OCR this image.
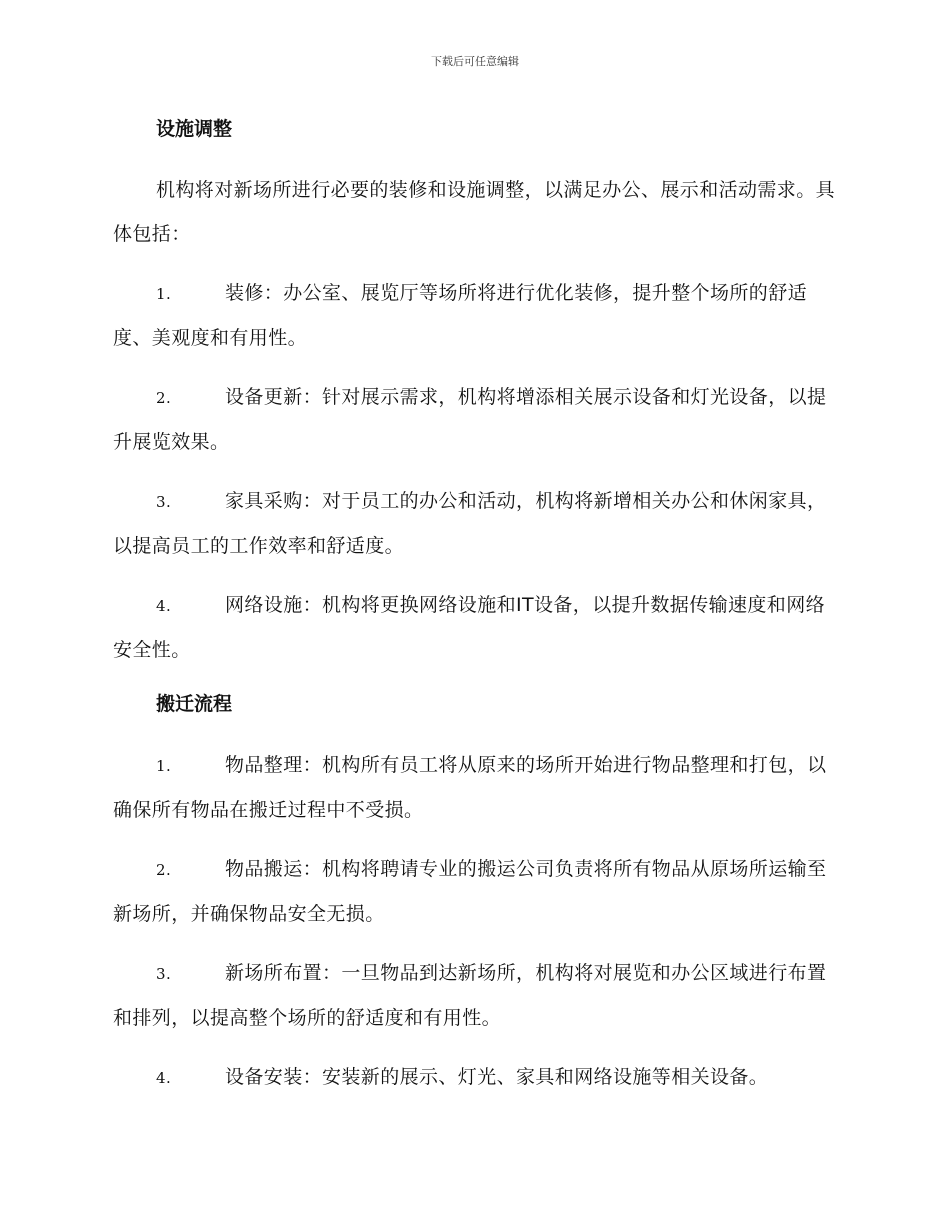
下载后可任意编辑
设施调整

机构将对新场所进行必要的装修和设施调整，以满足办公、展示和活动需求。具体包括：

1.	装修：办公室、展览厅等场所将进行优化装修，提升整个场所的舒适度、美观度和有用性。

2.	设备更新：针对展示需求，机构将增添相关展示设备和灯光设备，以提升展览效果。

3.	家具采购：对于员工的办公和活动，机构将新增相关办公和休闲家具，以提高员工的工作效率和舒适度。

4.	网络设施：机构将更换网络设施和IT设备，以提升数据传输速度和网络安全性。

搬迁流程

1.	物品整理：机构所有员工将从原来的场所开始进行物品整理和打包，以确保所有物品在搬迁过程中不受损。

2.	物品搬运：机构将聘请专业的搬运公司负责将所有物品从原场所运输至新场所，并确保物品安全无损。

3.	新场所布置：一旦物品到达新场所，机构将对展览和办公区域进行布置和排列，以提高整个场所的舒适度和有用性。

4.	设备安装：安装新的展示、灯光、家具和网络设施等相关设备。
